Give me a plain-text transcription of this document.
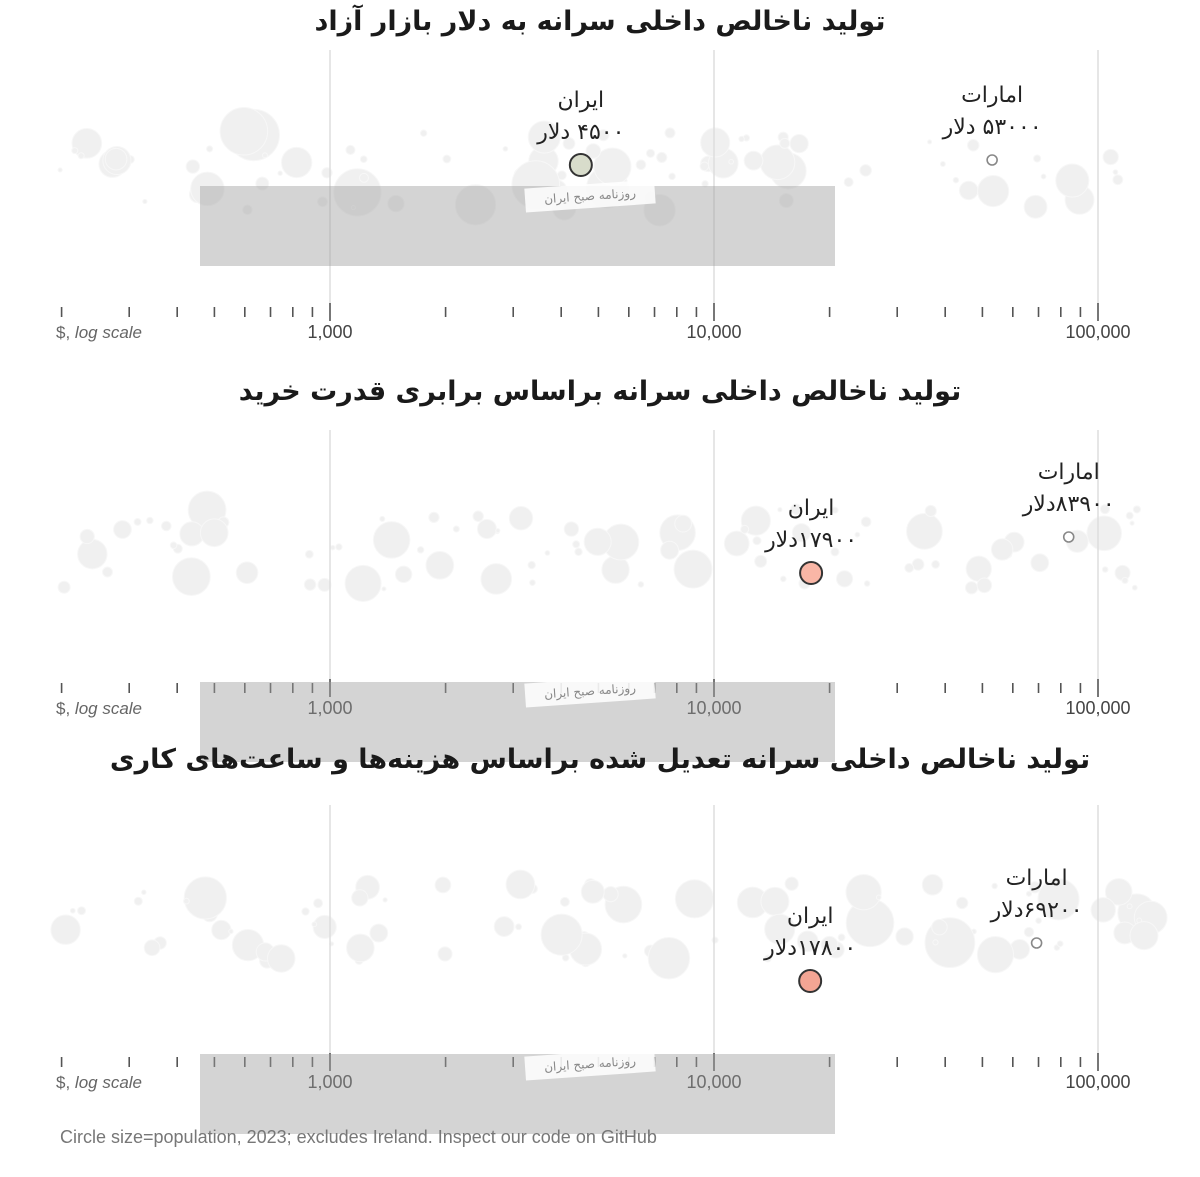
تولید ناخالص داخلی سرانه به دلار بازار آزاد
$, log scale	1,000	10,000	100,000
ایران
۴۵۰۰ دلار
امارات
۵۳۰۰۰ دلار
روزنامه صبح ایران
تولید ناخالص داخلی سرانه براساس برابری قدرت خرید
$, log scale	1,000	10,000	100,000
ایران
۱۷۹۰۰دلار
امارات
۸۳۹۰۰دلار
روزنامه صبح ایران
تولید ناخالص داخلی سرانه تعدیل شده براساس هزینه‌ها و ساعت‌های کاری
$, log scale	1,000	10,000	100,000
ایران
۱۷۸۰۰دلار
امارات
۶۹۲۰۰دلار
روزنامه صبح ایران

Circle size=population, 2023; excludes Ireland. Inspect our code on GitHub
